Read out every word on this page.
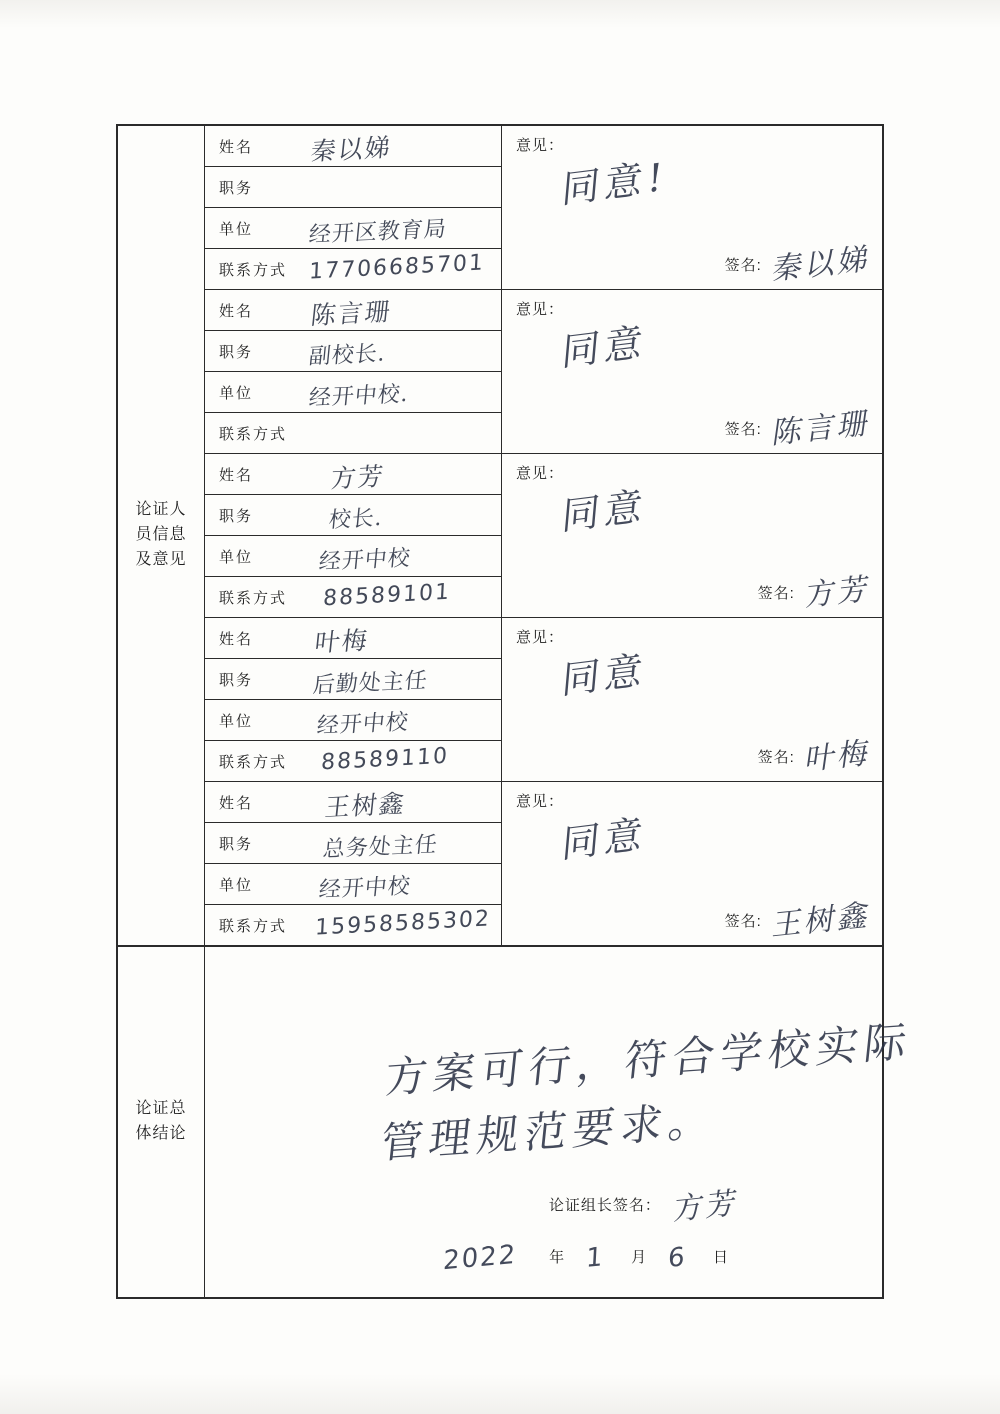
论证人
员信息
及意见
姓名	秦以娣
职务
单位	经开区教育局
联系方式 17706685701
意见：
同意!
签名: 秦以娣
姓名	陈言珊
职务	副校长.
单位	经开中校.
联系方式
意见：
同意
签名: 陈言珊
姓名	方芳
职务	校长.
单位	经开中校
联系方式	88589101
意见：
同意
签名: 方芳
姓名	叶梅
职务	后勤处主任
单位	经开中校
联系方式	88589110
意见：
同意
签名: 叶梅
姓名	王树鑫
职务	总务处主任
单位	经开中校
联系方式	15958585302
意见：
同意
签名: 王树鑫
论证总
体结论
方案可行，符合学校实际
管理规范要求。
论证组长签名： 方芳
2022 年 1 月 6 日
